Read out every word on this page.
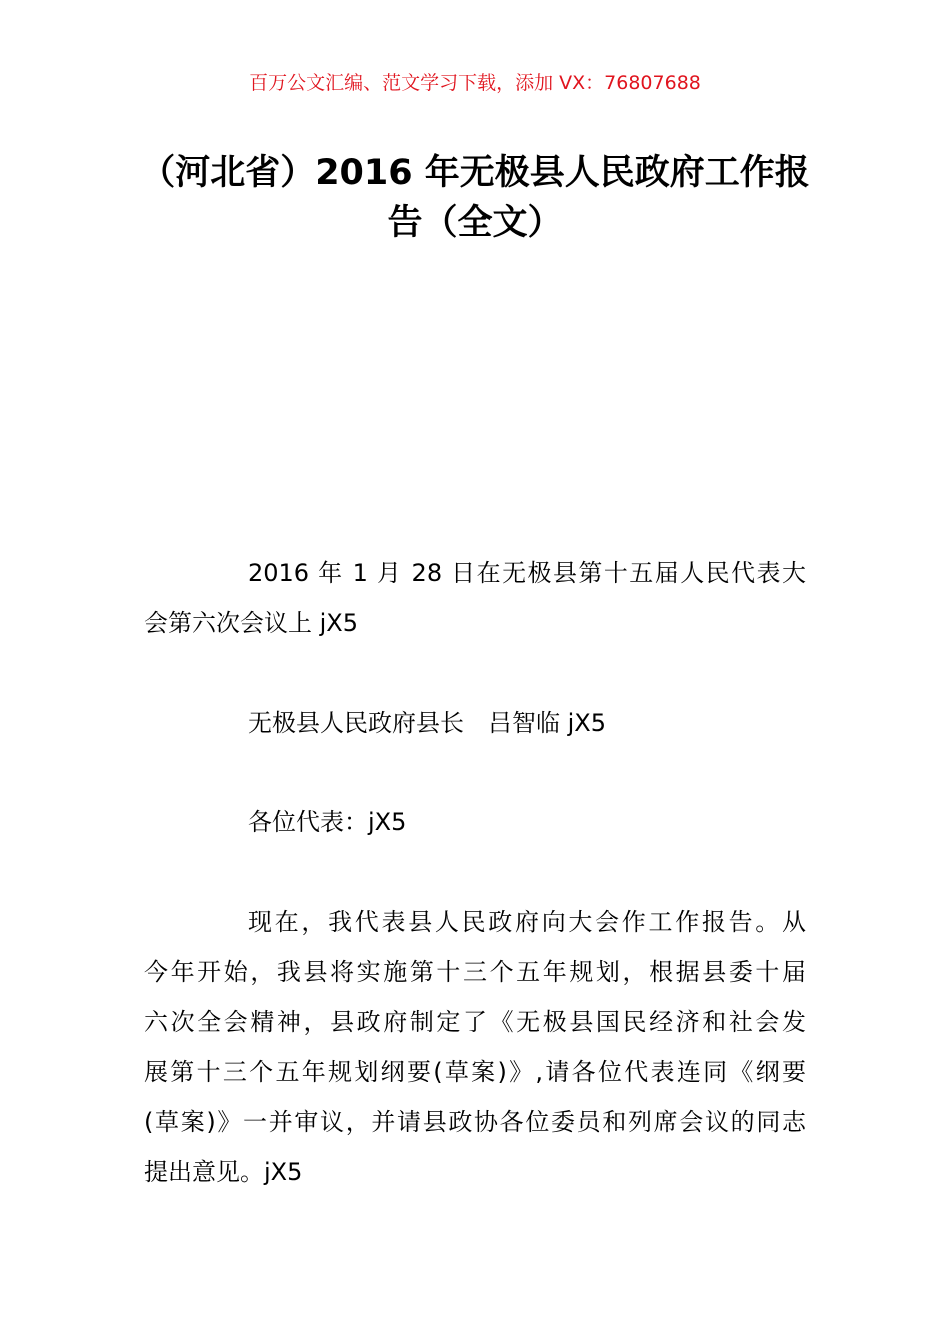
百万公文汇编、范文学习下载，添加 VX：76807688
（河北省）2016 年无极县人民政府工作报
告（全文）
2016 年 1 月 28 日在无极县第十五届人民代表大
会第六次会议上 jX5
无极县人民政府县长　吕智临 jX5
各位代表：jX5
现在，我代表县人民政府向大会作工作报告。从
今年开始，我县将实施第十三个五年规划，根据县委十届
六次全会精神，县政府制定了《无极县国民经济和社会发
展第十三个五年规划纲要(草案)》,请各位代表连同《纲要
(草案)》一并审议，并请县政协各位委员和列席会议的同志
提出意见。jX5
